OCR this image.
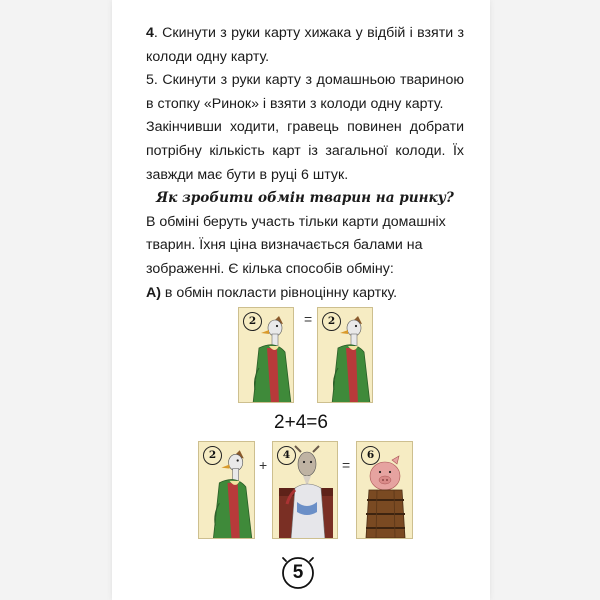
4. Скинути з руки карту хижака у відбій і взяти з колоди одну карту.

5. Скинути з руки карту з домашньою твариною в стопку «Ринок» і взяти з колоди одну карту.

Закінчивши ходити, гравець повинен добрати потрібну кількість карт із загальної колоди. Їх завжди має бути в руці 6 штук.

Як зробити обмін тварин на ринку?

В обміні беруть участь тільки карти домашніх тварин. Їхня ціна визначається балами на зображенні. Є кілька способів обміну:

А) в обмін покласти рівноцінну картку.

2	=	2
2+4=6
2
+
4
=
6
5
